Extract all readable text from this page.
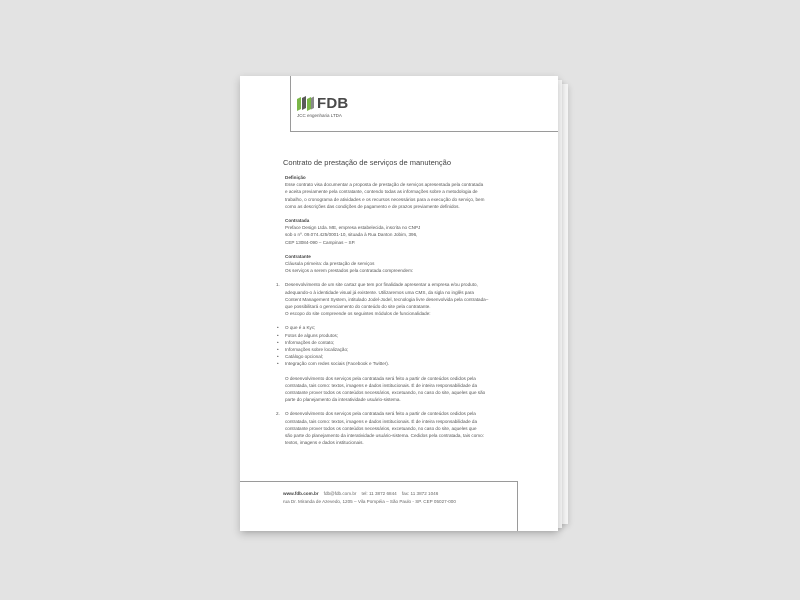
FDB
JCC engenharia LTDA
Contrato de prestação de serviços de manutenção

Definição

Esse contrato visa documentar a proposta de prestação de serviços apresentada pela contratada

e aceita previamente pela contratante, contendo todas as informações sobre a metodologia de

trabalho, o cronograma de atividades e os recursos necessários para a execução do serviço, bem

como as descrições das condições de pagamento e de prazos previamente definidos.

Contratada

Preface Design Ltda. ME, empresa estabelecida, inscrita no CNPJ

sob o nº. 09.074.425/0001-10, situada à Rua Danton Jobim, 396,

CEP 13084-090 – Campinas – SP.

Contratante

Cláusula primeira: da prestação de serviços

Os serviços a serem prestados pela contratada compreendem:

1. Desenvolvimento de um site cartaz que tem por finalidade apresentar a empresa e/ou produto,

adequando-o à identidade visual já existente. Utilizaremos uma CMS, da sigla no inglês para

Content Management System, intitulado Jodel-Jodel, tecnologia livre desenvolvida pela contratada–

que possibilitará o gerenciamento do conteúdo do site pela contratante.

O escopo do site compreende os seguintes módulos de funcionalidade:

• O que é a Kyc;
• Fotos de alguns produtos;
• Informações de contato;
• Informações sobre localização;
• Catálogo opcional;
• Integração com redes sociais (Facebook e Twitter).

O desenvolvimento dos serviços pela contratada será feito a partir de conteúdos cedidos pela

contratada, tais como: textos, imagens e dados institucionais. É de inteira responsabilidade da

contratante prover todos os conteúdos necessários, excetuando, no caso do site, aqueles que são

parte do planejamento da interatividade usuário-sistema.

2. O desenvolvimento dos serviços pela contratada será feito a partir de conteúdos cedidos pela

contratada, tais como: textos, imagens e dados institucionais. É de inteira responsabilidade da

contratante prover todos os conteúdos necessários, excetuando, no caso do site, aqueles que

são parte do planejamento da interatividade usuário-sistema. Cedidos pela contratada, tais como:

textos, imagens e dados institucionais.

www.fdb.com.br fdb@fdb.com.br tel: 11 3872 6844 fax: 11 3872 1046
rua Dr. Miranda de Azevedo, 1205 – Vila Pompéia – São Paulo - SP. CEP 05027-000
